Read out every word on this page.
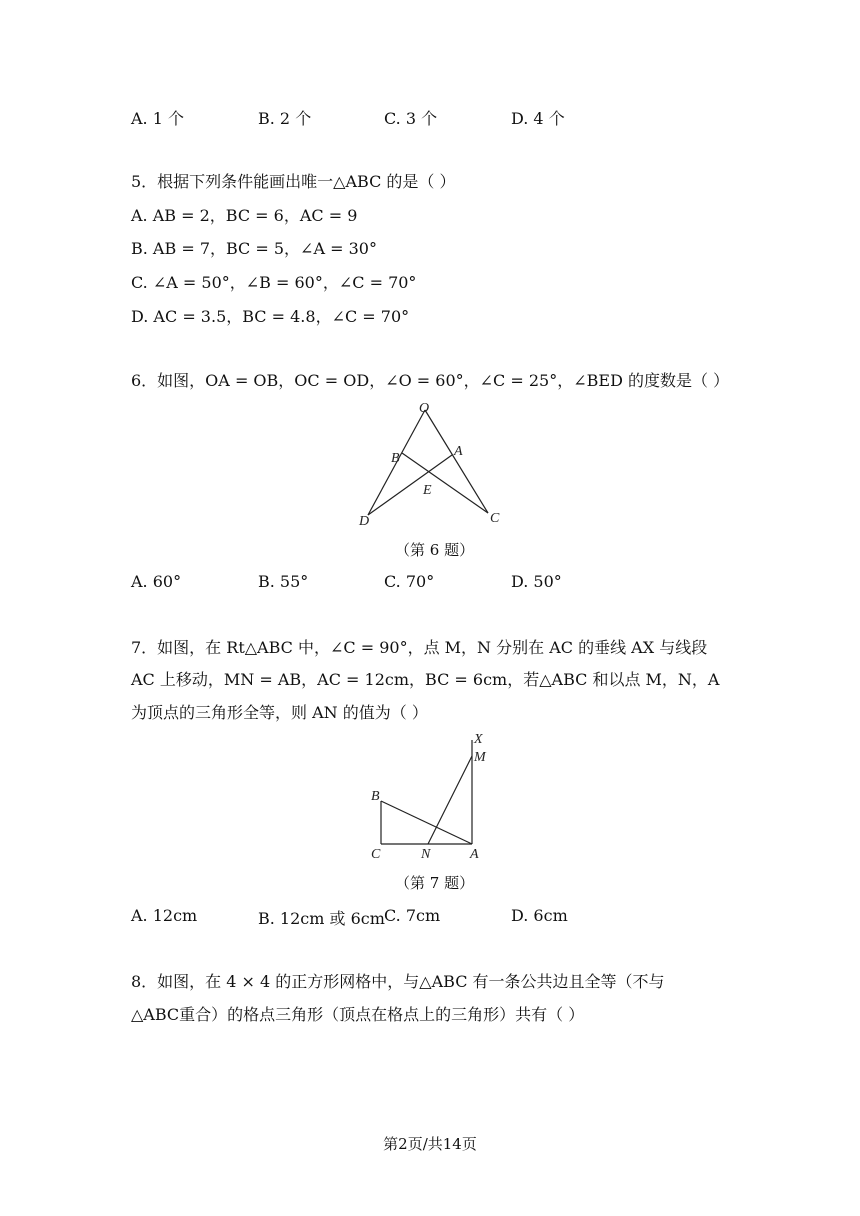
A. 1 个	B. 2 个	C. 3 个	D. 4 个
5．根据下列条件能画出唯一△ABC 的是（ ）
A. AB = 2，BC = 6，AC = 9
B. AB = 7，BC = 5，∠A = 30°
C. ∠A = 50°，∠B = 60°，∠C = 70°
D. AC = 3.5，BC = 4.8，∠C = 70°
6．如图，OA = OB，OC = OD，∠O = 60°，∠C = 25°，∠BED 的度数是（ ）
O
B	A
E
D	C
（第 6 题）
A. 60°	B. 55°	C. 70°	D. 50°
7．如图，在 Rt△ABC 中，∠C = 90°，点 M，N 分别在 AC 的垂线 AX 与线段
AC 上移动，MN = AB，AC = 12cm，BC = 6cm，若△ABC 和以点 M，N，A
为顶点的三角形全等，则 AN 的值为（ ）
X
M
B
C	N	A
（第 7 题）
A. 12cm	B. 12cm 或 6cm C. 7cm	D. 6cm
8．如图，在 4 × 4 的正方形网格中，与△ABC 有一条公共边且全等（不与
△ABC重合）的格点三角形（顶点在格点上的三角形）共有（ ）
第2页/共14页
